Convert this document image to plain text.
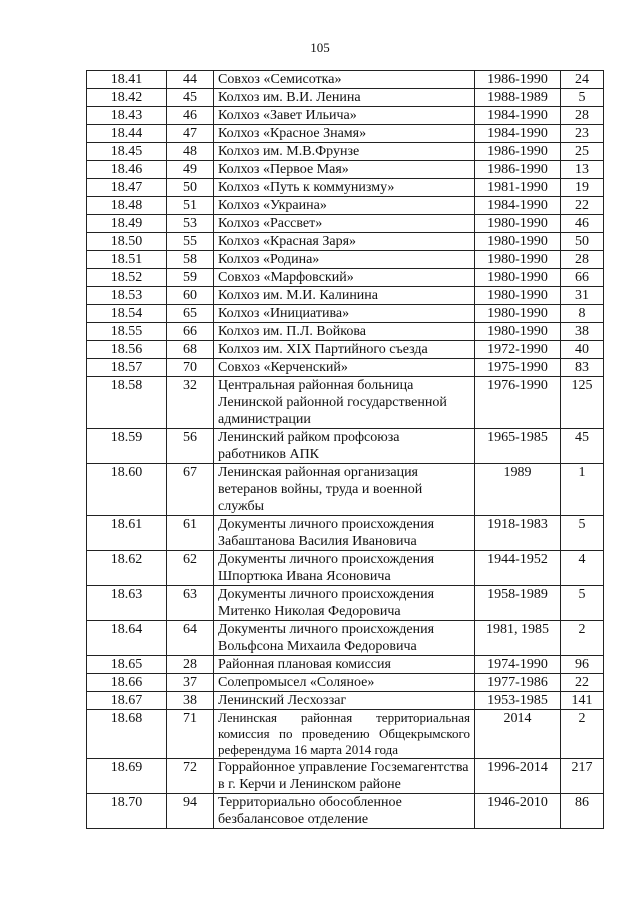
105
18.41	44	Совхоз «Семисотка»	1986-1990	24
18.42	45	Колхоз им. В.И. Ленина	1988-1989	5
18.43	46	Колхоз «Завет Ильича»	1984-1990	28
18.44	47	Колхоз «Красное Знамя»	1984-1990	23
18.45	48	Колхоз им. М.В.Фрунзе	1986-1990	25
18.46	49	Колхоз «Первое Мая»	1986-1990	13
18.47	50	Колхоз «Путь к коммунизму»	1981-1990	19
18.48	51	Колхоз «Украина»	1984-1990	22
18.49	53	Колхоз «Рассвет»	1980-1990	46
18.50	55	Колхоз «Красная Заря»	1980-1990	50
18.51	58	Колхоз «Родина»	1980-1990	28
18.52	59	Совхоз «Марфовский»	1980-1990	66
18.53	60	Колхоз им. М.И. Калинина	1980-1990	31
18.54	65	Колхоз «Инициатива»	1980-1990	8
18.55	66	Колхоз им. П.Л. Войкова	1980-1990	38
18.56	68	Колхоз им. XIX Партийного съезда	1972-1990	40
18.57	70	Совхоз «Керченский»	1975-1990	83
18.58	32	Центральная районная больница Ленинской районной государственной администрации	1976-1990	125
18.59	56	Ленинский райком профсоюза работников АПК	1965-1985	45
18.60	67	Ленинская районная организация ветеранов войны, труда и военной службы	1989	1
18.61	61	Документы личного происхождения Забаштанова Василия Ивановича	1918-1983	5
18.62	62	Документы личного происхождения Шпортюка Ивана Ясоновича	1944-1952	4
18.63	63	Документы личного происхождения Митенко Николая Федоровича	1958-1989	5
18.64	64	Документы личного происхождения Вольфсона Михаила Федоровича	1981, 1985	2
18.65	28	Районная плановая комиссия	1974-1990	96
18.66	37	Солепромысел «Соляное»	1977-1986	22
18.67	38	Ленинский Лесхоззаг	1953-1985	141
18.68	71	Ленинская районная территориальная комиссия по проведению Общекрымского референдума 16 марта 2014 года	2014	2
18.69	72	Горрайонное управление Госземагентства в г. Керчи и Ленинском районе	1996-2014	217
18.70	94	Территориально обособленное безбалансовое отделение	1946-2010	86
